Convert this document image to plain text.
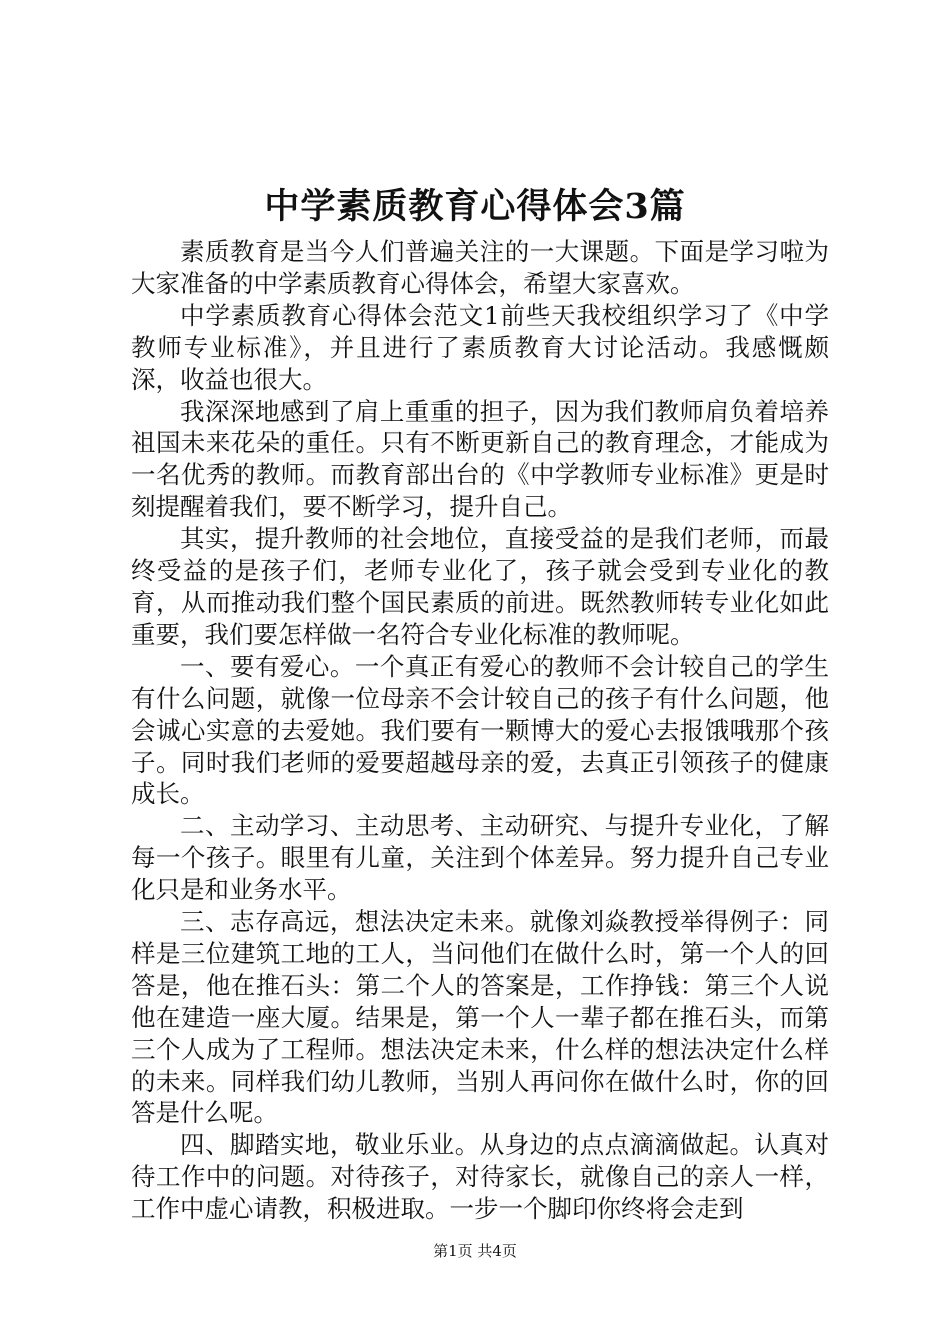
中学素质教育心得体会3篇

素质教育是当今人们普遍关注的一大课题。下面是学习啦为大家准备的中学素质教育心得体会，希望大家喜欢。

中学素质教育心得体会范文1前些天我校组织学习了《中学教师专业标准》，并且进行了素质教育大讨论活动。我感慨颇深，收益也很大。

我深深地感到了肩上重重的担子，因为我们教师肩负着培养祖国未来花朵的重任。只有不断更新自己的教育理念，才能成为一名优秀的教师。而教育部出台的《中学教师专业标准》更是时刻提醒着我们，要不断学习，提升自己。

其实，提升教师的社会地位，直接受益的是我们老师，而最终受益的是孩子们，老师专业化了，孩子就会受到专业化的教育，从而推动我们整个国民素质的前进。既然教师转专业化如此重要，我们要怎样做一名符合专业化标准的教师呢。

一、要有爱心。一个真正有爱心的教师不会计较自己的学生有什么问题，就像一位母亲不会计较自己的孩子有什么问题，他会诚心实意的去爱她。我们要有一颗博大的爱心去报饿哦那个孩子。同时我们老师的爱要超越母亲的爱，去真正引领孩子的健康成长。

二、主动学习、主动思考、主动研究、与提升专业化，了解每一个孩子。眼里有儿童，关注到个体差异。努力提升自己专业化只是和业务水平。

三、志存高远，想法决定未来。就像刘焱教授举得例子：同样是三位建筑工地的工人，当问他们在做什么时，第一个人的回答是，他在推石头：第二个人的答案是，工作挣钱：第三个人说他在建造一座大厦。结果是，第一个人一辈子都在推石头，而第三个人成为了工程师。想法决定未来，什么样的想法决定什么样的未来。同样我们幼儿教师，当别人再问你在做什么时，你的回答是什么呢。

四、脚踏实地，敬业乐业。从身边的点点滴滴做起。认真对待工作中的问题。对待孩子，对待家长，就像自己的亲人一样，工作中虚心请教，积极进取。一步一个脚印你终将会走到

第1页 共4页
